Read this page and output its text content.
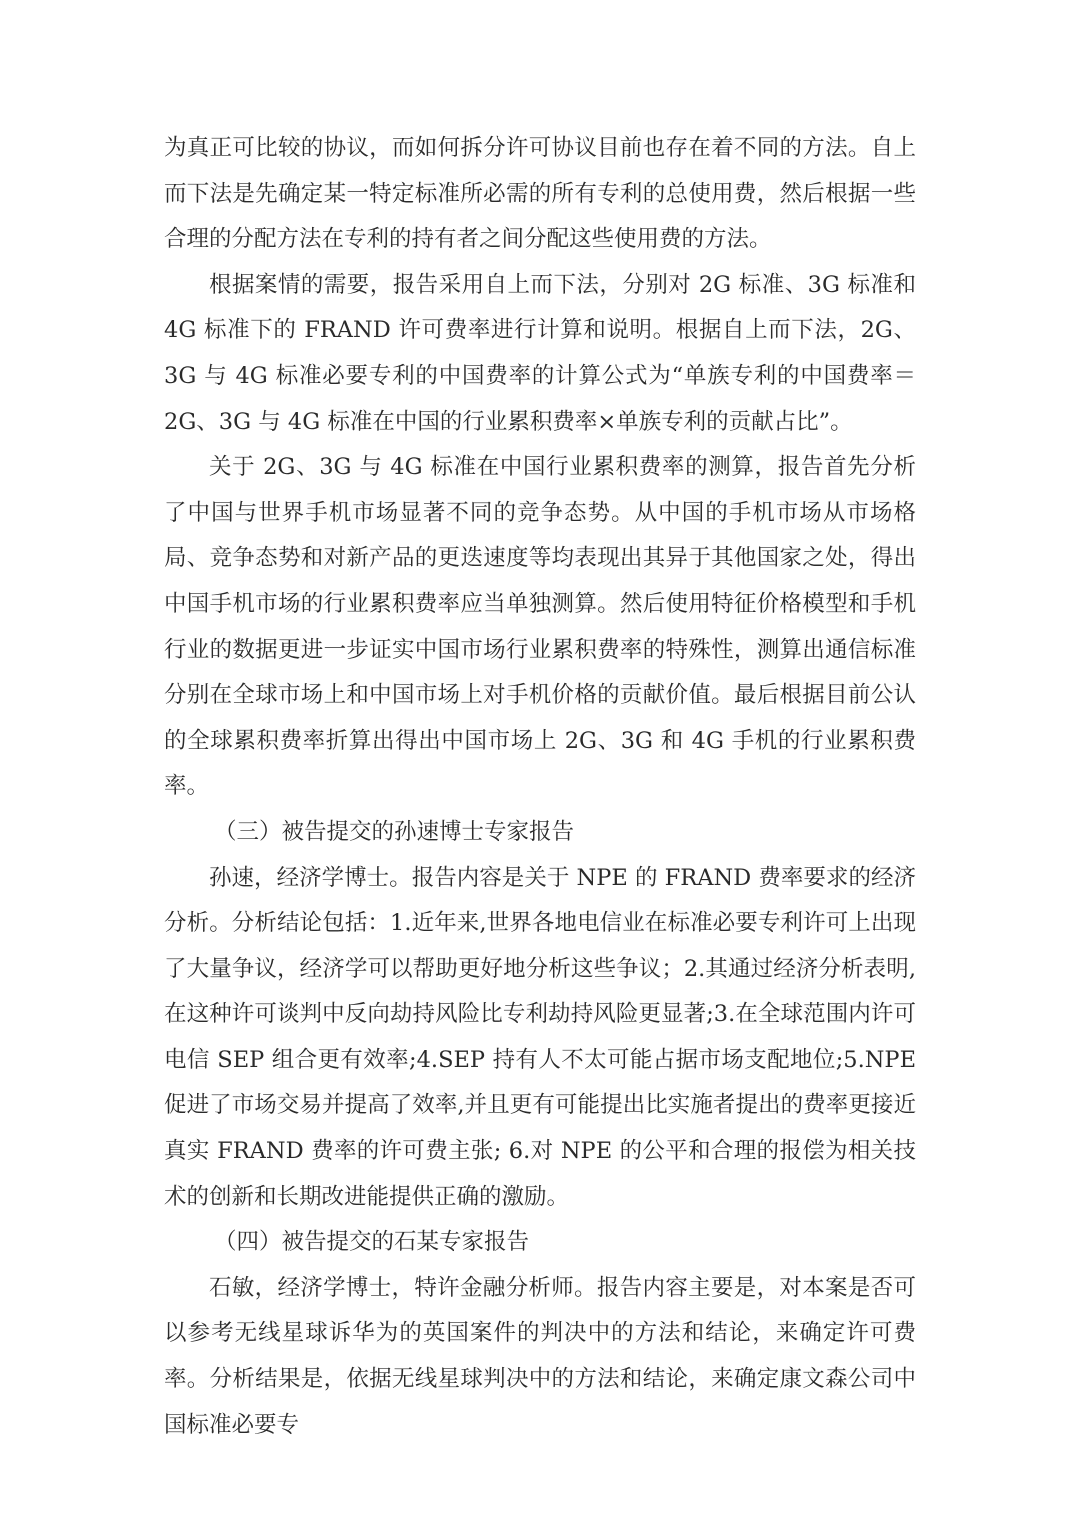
为真正可比较的协议，而如何拆分许可协议目前也存在着不同的方法。自上而下法是先确定某一特定标准所必需的所有专利的总使用费，然后根据一些合理的分配方法在专利的持有者之间分配这些使用费的方法。

根据案情的需要，报告采用自上而下法，分别对 2G 标准、3G 标准和 4G 标准下的 FRAND 许可费率进行计算和说明。根据自上而下法，2G、3G 与 4G 标准必要专利的中国费率的计算公式为“单族专利的中国费率＝2G、3G 与 4G 标准在中国的行业累积费率×单族专利的贡献占比”。

关于 2G、3G 与 4G 标准在中国行业累积费率的测算，报告首先分析了中国与世界手机市场显著不同的竞争态势。从中国的手机市场从市场格局、竞争态势和对新产品的更迭速度等均表现出其异于其他国家之处，得出中国手机市场的行业累积费率应当单独测算。然后使用特征价格模型和手机行业的数据更进一步证实中国市场行业累积费率的特殊性，测算出通信标准分别在全球市场上和中国市场上对手机价格的贡献价值。最后根据目前公认的全球累积费率折算出得出中国市场上 2G、3G 和 4G 手机的行业累积费率。

（三）被告提交的孙速博士专家报告

孙速，经济学博士。报告内容是关于 NPE 的 FRAND 费率要求的经济分析。分析结论包括：1.近年来,世界各地电信业在标准必要专利许可上出现了大量争议，经济学可以帮助更好地分析这些争议；2.其通过经济分析表明,在这种许可谈判中反向劫持风险比专利劫持风险更显著;3.在全球范围内许可电信 SEP 组合更有效率;4.SEP 持有人不太可能占据市场支配地位;5.NPE 促进了市场交易并提高了效率,并且更有可能提出比实施者提出的费率更接近真实 FRAND 费率的许可费主张; 6.对 NPE 的公平和合理的报偿为相关技术的创新和长期改进能提供正确的激励。

（四）被告提交的石某专家报告

石敏，经济学博士，特许金融分析师。报告内容主要是，对本案是否可以参考无线星球诉华为的英国案件的判决中的方法和结论，来确定许可费率。分析结果是，依据无线星球判决中的方法和结论，来确定康文森公司中国标准必要专
